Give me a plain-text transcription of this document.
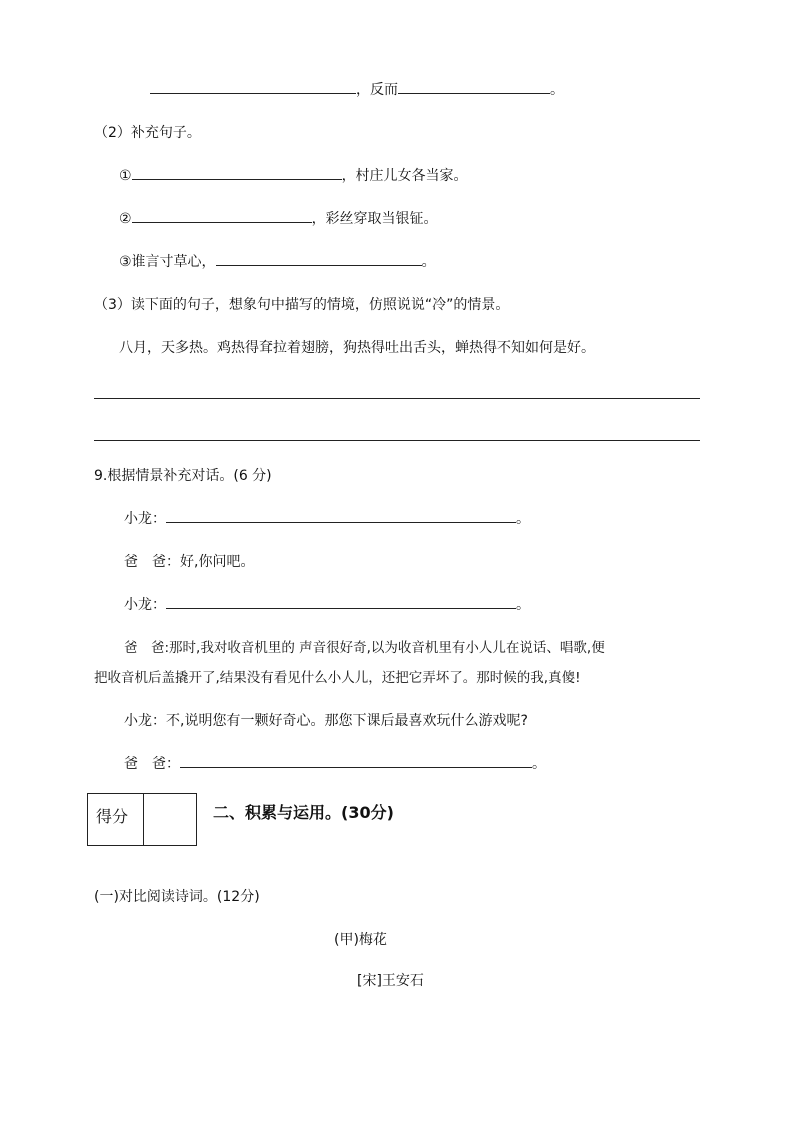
，反而	。
（2）补充句子。
①	，村庄儿女各当家。
②	，彩丝穿取当银钲。
③谁言寸草心，	。
（3）读下面的句子，想象句中描写的情境，仿照说说“冷”的情景。
八月，天多热。鸡热得耷拉着翅膀，狗热得吐出舌头，蝉热得不知如何是好。
9.根据情景补充对话。(6 分)
小龙：	。
爸　爸：好,你问吧。
小龙：	。
爸　爸:那时,我对收音机里的 声音很好奇,以为收音机里有小人儿在说话、唱歌,便
把收音机后盖撬开了,结果没有看见什么小人儿，还把它弄坏了。那时候的我,真傻!
小龙：不,说明您有一颗好奇心。那您下课后最喜欢玩什么游戏呢?
爸　爸：	。
得分	二、积累与运用。(30分)
(一)对比阅读诗词。(12分)
(甲)梅花
[宋]王安石
